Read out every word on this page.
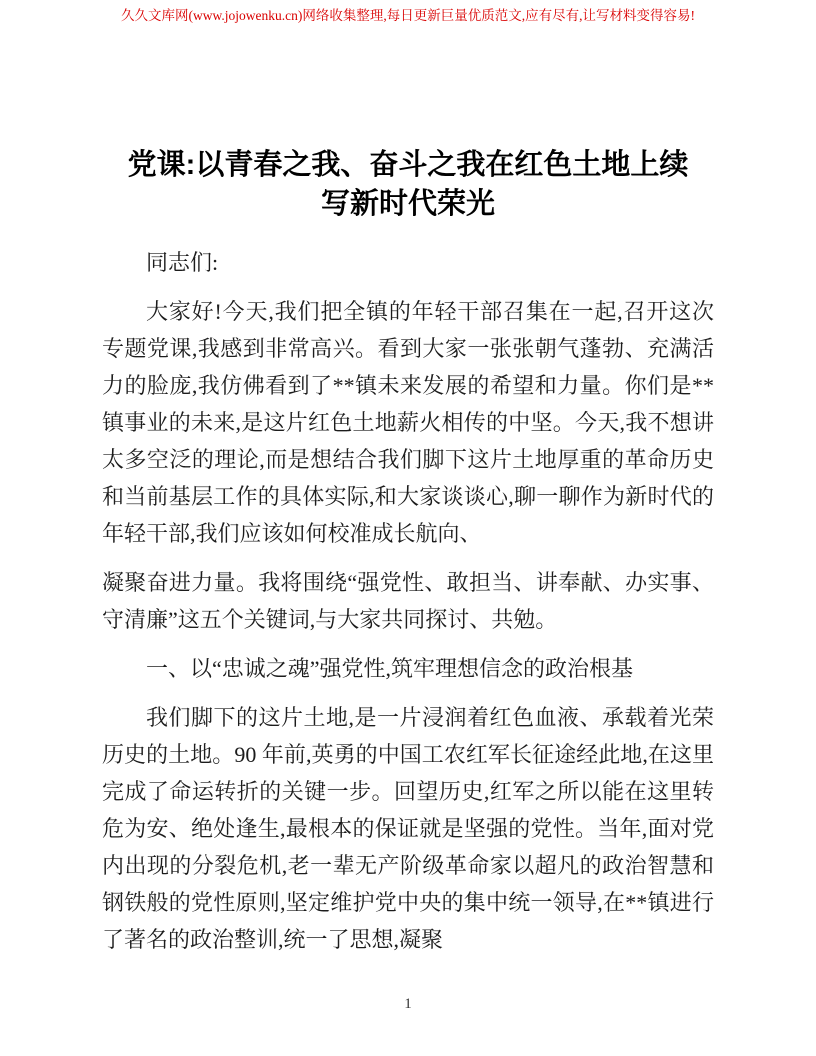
久久文库网(www.jojowenku.cn)网络收集整理,每日更新巨量优质范文,应有尽有,让写材料变得容易!
党课:以青春之我、奋斗之我在红色土地上续
写新时代荣光

同志们:

大家好!今天,我们把全镇的年轻干部召集在一起,召开这次专题党课,我感到非常高兴。看到大家一张张朝气蓬勃、充满活力的脸庞,我仿佛看到了**镇未来发展的希望和力量。你们是**镇事业的未来,是这片红色土地薪火相传的中坚。今天,我不想讲太多空泛的理论,而是想结合我们脚下这片土地厚重的革命历史和当前基层工作的具体实际,和大家谈谈心,聊一聊作为新时代的年轻干部,我们应该如何校准成长航向、

凝聚奋进力量。我将围绕“强党性、敢担当、讲奉献、办实事、守清廉”这五个关键词,与大家共同探讨、共勉。

一、以“忠诚之魂”强党性,筑牢理想信念的政治根基

我们脚下的这片土地,是一片浸润着红色血液、承载着光荣历史的土地。90 年前,英勇的中国工农红军长征途经此地,在这里完成了命运转折的关键一步。回望历史,红军之所以能在这里转危为安、绝处逢生,最根本的保证就是坚强的党性。当年,面对党内出现的分裂危机,老一辈无产阶级革命家以超凡的政治智慧和钢铁般的党性原则,坚定维护党中央的集中统一领导,在**镇进行了著名的政治整训,统一了思想,凝聚

1
